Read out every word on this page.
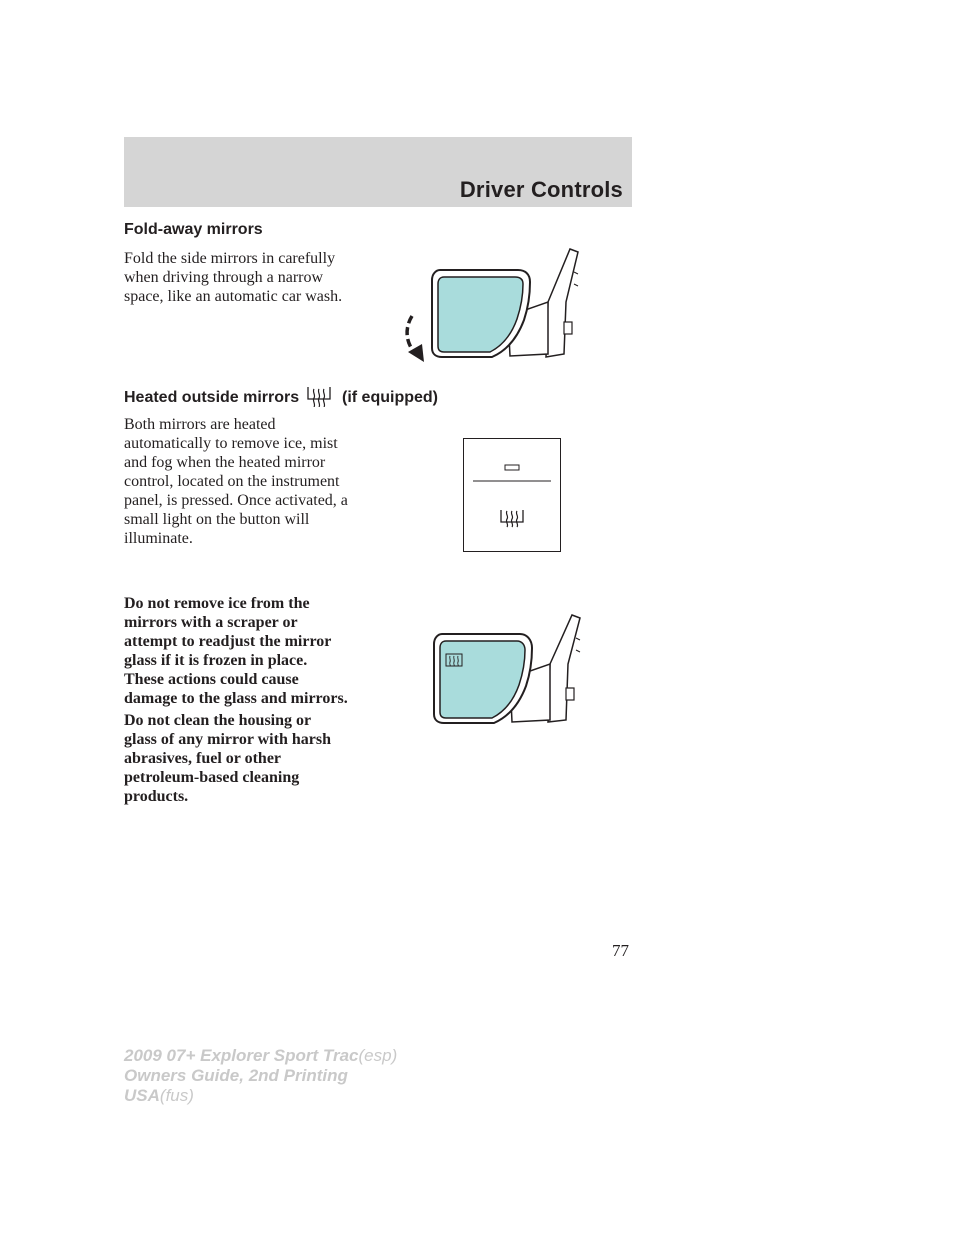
Driver Controls
Fold-away mirrors
Fold the side mirrors in carefully
when driving through a narrow
space, like an automatic car wash.
Heated outside mirrors	(if equipped)
Both mirrors are heated
automatically to remove ice, mist
and fog when the heated mirror
control, located on the instrument
panel, is pressed. Once activated, a
small light on the button will
illuminate.
Do not remove ice from the
mirrors with a scraper or
attempt to readjust the mirror
glass if it is frozen in place.
These actions could cause
damage to the glass and mirrors.
Do not clean the housing or
glass of any mirror with harsh
abrasives, fuel or other
petroleum-based cleaning
products.
77
2009 07+ Explorer Sport Trac(esp)
Owners Guide, 2nd Printing
USA(fus)
